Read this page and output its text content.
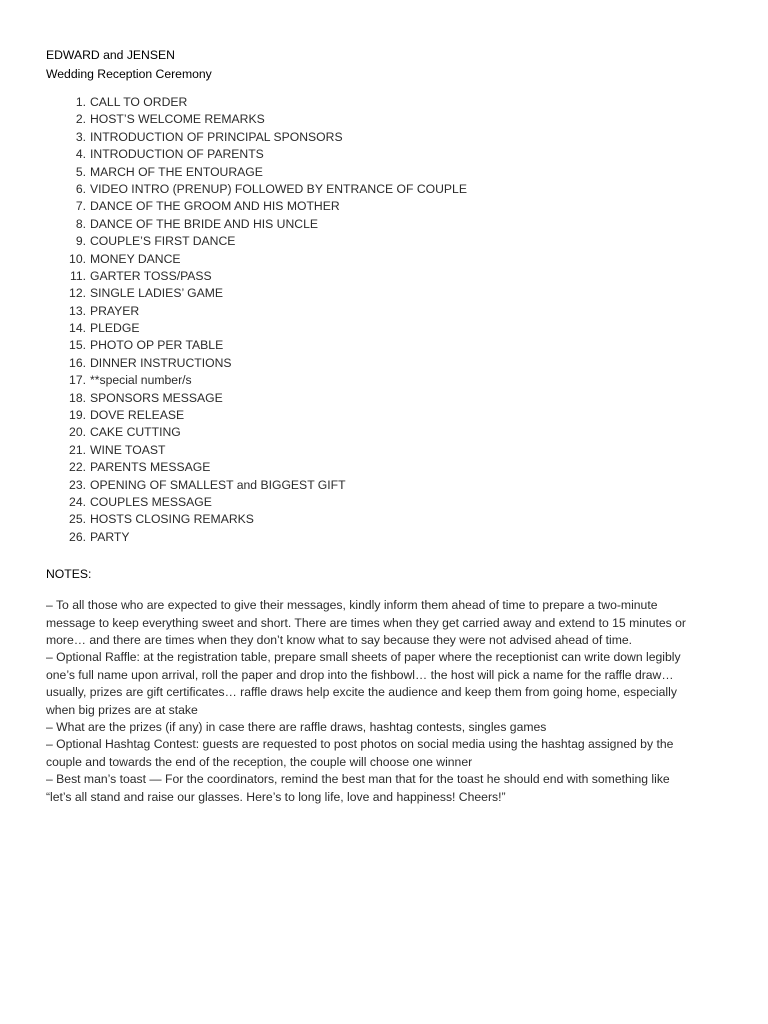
EDWARD and JENSEN

Wedding Reception Ceremony

1. CALL TO ORDER
2. HOST’S WELCOME REMARKS
3. INTRODUCTION OF PRINCIPAL SPONSORS
4. INTRODUCTION OF PARENTS
5. MARCH OF THE ENTOURAGE
6. VIDEO INTRO (PRENUP) FOLLOWED BY ENTRANCE OF COUPLE
7. DANCE OF THE GROOM AND HIS MOTHER
8. DANCE OF THE BRIDE AND HIS UNCLE
9. COUPLE’S FIRST DANCE
10. MONEY DANCE
11. GARTER TOSS/PASS
12. SINGLE LADIES’ GAME
13. PRAYER
14. PLEDGE
15. PHOTO OP PER TABLE
16. DINNER INSTRUCTIONS
17. **special number/s
18. SPONSORS MESSAGE
19. DOVE RELEASE
20. CAKE CUTTING
21. WINE TOAST
22. PARENTS MESSAGE
23. OPENING OF SMALLEST and BIGGEST GIFT
24. COUPLES MESSAGE
25. HOSTS CLOSING REMARKS
26. PARTY

NOTES:

– To all those who are expected to give their messages, kindly inform them ahead of time to prepare a two-minute
message to keep everything sweet and short. There are times when they get carried away and extend to 15 minutes or
more… and there are times when they don’t know what to say because they were not advised ahead of time.
– Optional Raffle: at the registration table, prepare small sheets of paper where the receptionist can write down legibly
one’s full name upon arrival, roll the paper and drop into the fishbowl… the host will pick a name for the raffle draw…
usually, prizes are gift certificates… raffle draws help excite the audience and keep them from going home, especially
when big prizes are at stake
– What are the prizes (if any) in case there are raffle draws, hashtag contests, singles games
– Optional Hashtag Contest: guests are requested to post photos on social media using the hashtag assigned by the
couple and towards the end of the reception, the couple will choose one winner
– Best man’s toast — For the coordinators, remind the best man that for the toast he should end with something like
“let’s all stand and raise our glasses. Here’s to long life, love and happiness! Cheers!”
